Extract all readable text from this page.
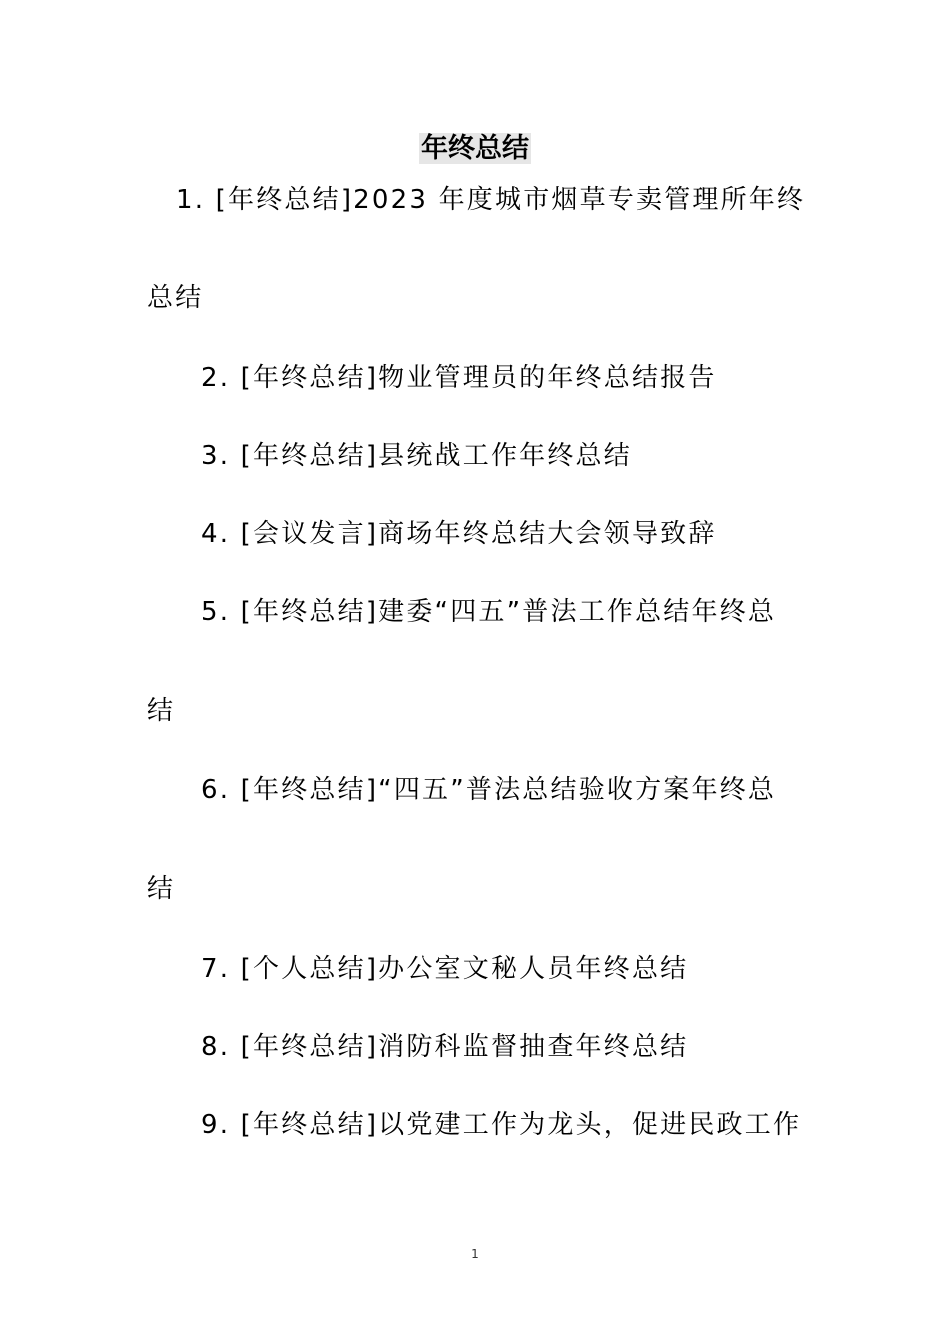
年终总结
1. [年终总结]2023 年度城市烟草专卖管理所年终
总结
2. [年终总结]物业管理员的年终总结报告
3. [年终总结]县统战工作年终总结
4. [会议发言]商场年终总结大会领导致辞
5. [年终总结]建委“四五”普法工作总结年终总
结
6. [年终总结]“四五”普法总结验收方案年终总
结
7. [个人总结]办公室文秘人员年终总结
8. [年终总结]消防科监督抽查年终总结
9. [年终总结]以党建工作为龙头，促进民政工作
1
